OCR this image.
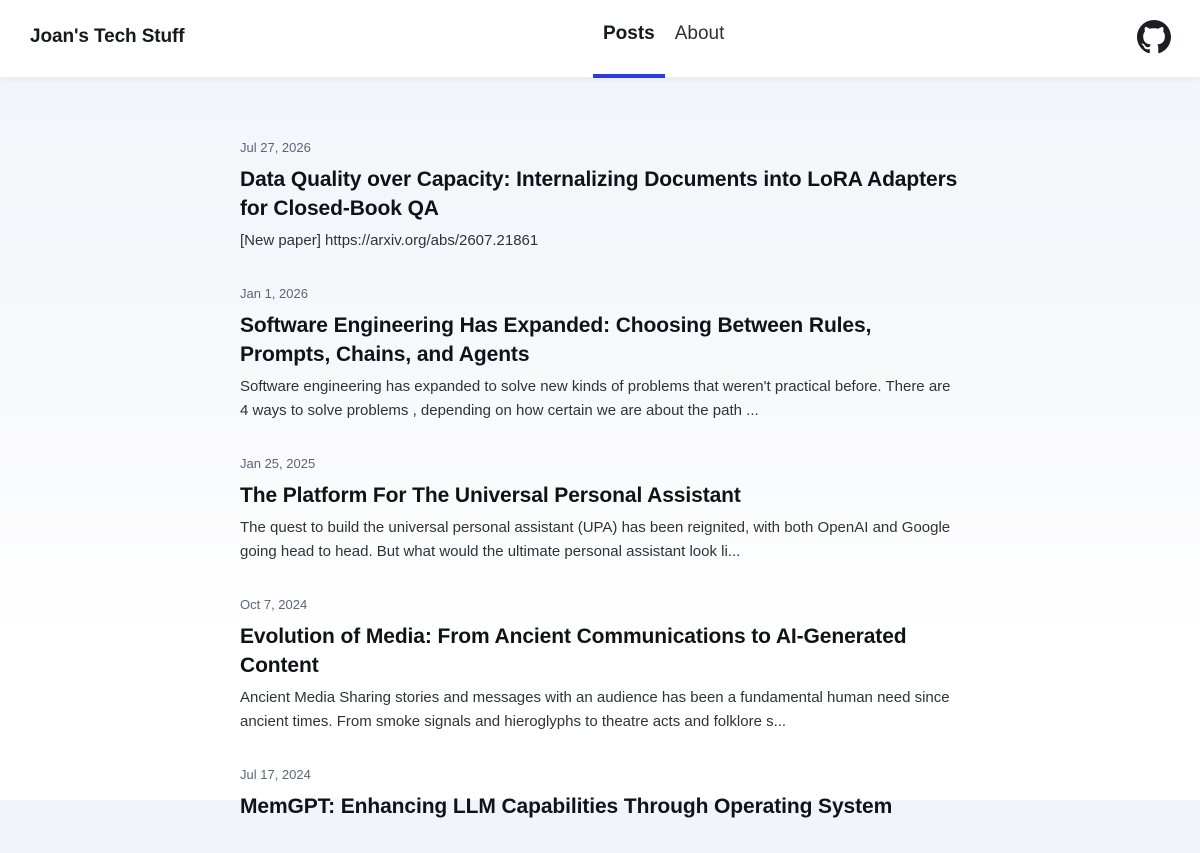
Joan's Tech Stuff	Posts	About
Jul 27, 2026
Data Quality over Capacity: Internalizing Documents into LoRA Adapters for Closed-Book QA

[New paper] https://arxiv.org/abs/2607.21861

Jan 1, 2026
Software Engineering Has Expanded: Choosing Between Rules, Prompts, Chains, and Agents

Software engineering has expanded to solve new kinds of problems that weren't practical before. There are 4 ways to solve problems , depending on how certain we are about the path ...

Jan 25, 2025
The Platform For The Universal Personal Assistant

The quest to build the universal personal assistant (UPA) has been reignited, with both OpenAI and Google going head to head. But what would the ultimate personal assistant look li...

Oct 7, 2024
Evolution of Media: From Ancient Communications to AI-Generated Content

Ancient Media Sharing stories and messages with an audience has been a fundamental human need since ancient times. From smoke signals and hieroglyphs to theatre acts and folklore s...

Jul 17, 2024
MemGPT: Enhancing LLM Capabilities Through Operating System
